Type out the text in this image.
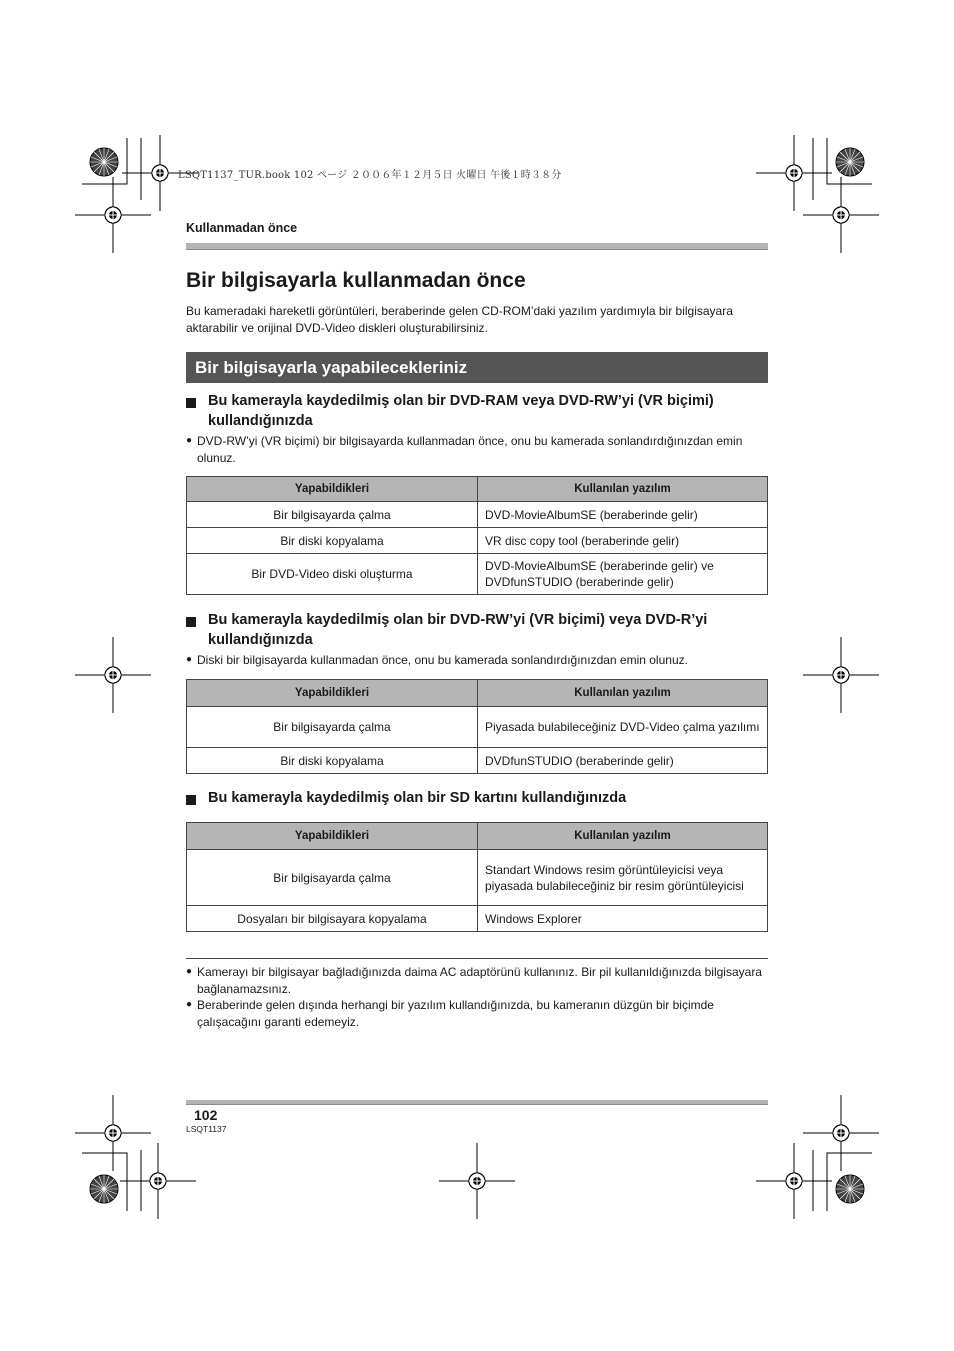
LSQT1137_TUR.book 102 ページ ２００６年１２月５日 火曜日 午後１時３８分
Kullanmadan önce
Bir bilgisayarla kullanmadan önce

Bu kameradaki hareketli görüntüleri, beraberinde gelen CD-ROM’daki yazılım yardımıyla bir bilgisayara aktarabilir ve orijinal DVD-Video diskleri oluşturabilirsiniz.

Bir bilgisayarla yapabilecekleriniz
Bu kamerayla kaydedilmiş olan bir DVD-RAM veya DVD-RW’yi (VR biçimi) kullandığınızda
● DVD-RW’yi (VR biçimi) bir bilgisayarda kullanmadan önce, onu bu kamerada sonlandırdığınızdan emin olunuz.
Yapabildikleri	Kullanılan yazılım
Bir bilgisayarda çalma	DVD-MovieAlbumSE (beraberinde gelir)
Bir diski kopyalama	VR disc copy tool (beraberinde gelir)
Bir DVD-Video diski oluşturma	DVD-MovieAlbumSE (beraberinde gelir) ve DVDfunSTUDIO (beraberinde gelir)
Bu kamerayla kaydedilmiş olan bir DVD-RW’yi (VR biçimi) veya DVD-R’yi kullandığınızda
● Diski bir bilgisayarda kullanmadan önce, onu bu kamerada sonlandırdığınızdan emin olunuz.
Yapabildikleri	Kullanılan yazılım
Bir bilgisayarda çalma	Piyasada bulabileceğiniz DVD-Video çalma yazılımı
Bir diski kopyalama	DVDfunSTUDIO (beraberinde gelir)
Bu kamerayla kaydedilmiş olan bir SD kartını kullandığınızda
Yapabildikleri	Kullanılan yazılım
Bir bilgisayarda çalma	Standart Windows resim görüntüleyicisi veya piyasada bulabileceğiniz bir resim görüntüleyicisi
Dosyaları bir bilgisayara kopyalama	Windows Explorer
● Kamerayı bir bilgisayar bağladığınızda daima AC adaptörünü kullanınız. Bir pil kullanıldığınızda bilgisayara bağlanamazsınız.
● Beraberinde gelen dışında herhangi bir yazılım kullandığınızda, bu kameranın düzgün bir biçimde çalışacağını garanti edemeyiz.
102
LSQT1137
